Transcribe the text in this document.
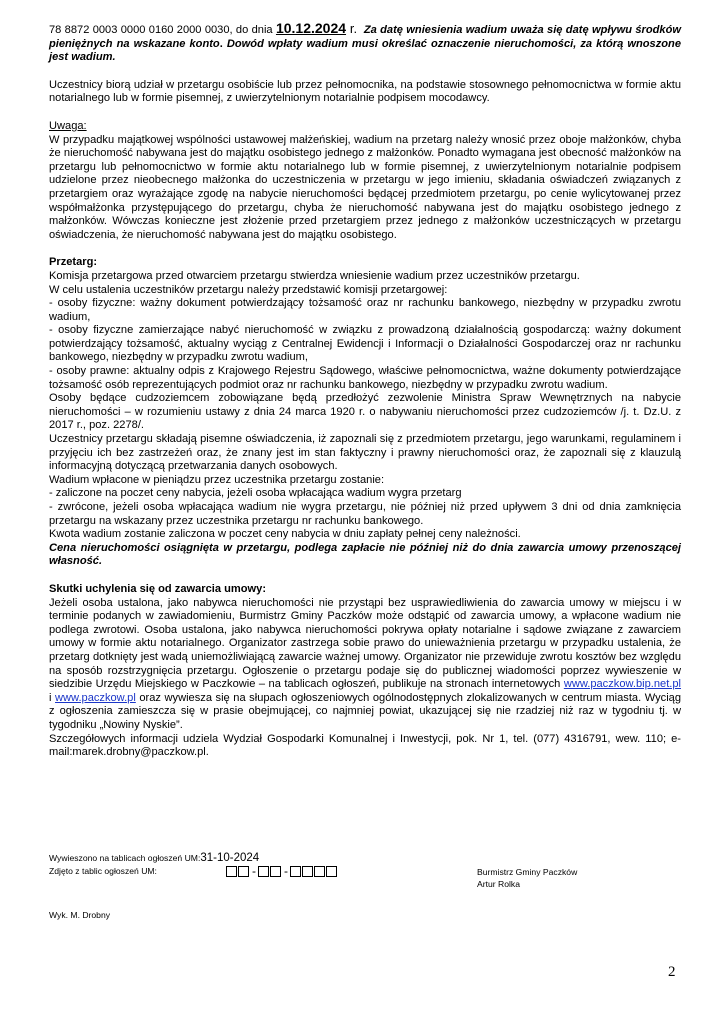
78 8872 0003 0000 0160 2000 0030, do dnia 10.12.2024 r. Za datę wniesienia wadium uważa się datę wpływu środków pieniężnych na wskazane konto. Dowód wpłaty wadium musi określać oznaczenie nieruchomości, za którą wnoszone jest wadium.

Uczestnicy biorą udział w przetargu osobiście lub przez pełnomocnika, na podstawie stosownego pełnomocnictwa w formie aktu notarialnego lub w formie pisemnej, z uwierzytelnionym notarialnie podpisem mocodawcy.

Uwaga:

W przypadku majątkowej wspólności ustawowej małżeńskiej, wadium na przetarg należy wnosić przez oboje małżonków, chyba że nieruchomość nabywana jest do majątku osobistego jednego z małżonków. Ponadto wymagana jest obecność małżonków na przetargu lub pełnomocnictwo w formie aktu notarialnego lub w formie pisemnej, z uwierzytelnionym notarialnie podpisem udzielone przez nieobecnego małżonka do uczestniczenia w przetargu w jego imieniu, składania oświadczeń związanych z przetargiem oraz wyrażające zgodę na nabycie nieruchomości będącej przedmiotem przetargu, po cenie wylicytowanej przez współmałżonka przystępującego do przetargu, chyba że nieruchomość nabywana jest do majątku osobistego jednego z małżonków. Wówczas konieczne jest złożenie przed przetargiem przez jednego z małżonków uczestniczących w przetargu oświadczenia, że nieruchomość nabywana jest do majątku osobistego.

Przetarg:

Komisja przetargowa przed otwarciem przetargu stwierdza wniesienie wadium przez uczestników przetargu.

W celu ustalenia uczestników przetargu należy przedstawić komisji przetargowej:

- osoby fizyczne: ważny dokument potwierdzający tożsamość oraz nr rachunku bankowego, niezbędny w przypadku zwrotu wadium,

- osoby fizyczne zamierzające nabyć nieruchomość w związku z prowadzoną działalnością gospodarczą: ważny dokument potwierdzający tożsamość, aktualny wyciąg z Centralnej Ewidencji i Informacji o Działalności Gospodarczej oraz nr rachunku bankowego, niezbędny w przypadku zwrotu wadium,

- osoby prawne: aktualny odpis z Krajowego Rejestru Sądowego, właściwe pełnomocnictwa, ważne dokumenty potwierdzające tożsamość osób reprezentujących podmiot oraz nr rachunku bankowego, niezbędny w przypadku zwrotu wadium.

Osoby będące cudzoziemcem zobowiązane będą przedłożyć zezwolenie Ministra Spraw Wewnętrznych na nabycie nieruchomości – w rozumieniu ustawy z dnia 24 marca 1920 r. o nabywaniu nieruchomości przez cudzoziemców /j. t. Dz.U. z 2017 r., poz. 2278/.

Uczestnicy przetargu składają pisemne oświadczenia, iż zapoznali się z przedmiotem przetargu, jego warunkami, regulaminem i przyjęciu ich bez zastrzeżeń oraz, że znany jest im stan faktyczny i prawny nieruchomości oraz, że zapoznali się z klauzulą informacyjną dotyczącą przetwarzania danych osobowych.

Wadium wpłacone w pieniądzu przez uczestnika przetargu zostanie:

- zaliczone na poczet ceny nabycia, jeżeli osoba wpłacająca wadium wygra przetarg

- zwrócone, jeżeli osoba wpłacająca wadium nie wygra przetargu, nie później niż przed upływem 3 dni od dnia zamknięcia przetargu na wskazany przez uczestnika przetargu nr rachunku bankowego.

Kwota wadium zostanie zaliczona w poczet ceny nabycia w dniu zapłaty pełnej ceny należności.

Cena nieruchomości osiągnięta w przetargu, podlega zapłacie nie później niż do dnia zawarcia umowy przenoszącej własność.

Skutki uchylenia się od zawarcia umowy:

Jeżeli osoba ustalona, jako nabywca nieruchomości nie przystąpi bez usprawiedliwienia do zawarcia umowy w miejscu i w terminie podanych w zawiadomieniu, Burmistrz Gminy Paczków może odstąpić od zawarcia umowy, a wpłacone wadium nie podlega zwrotowi. Osoba ustalona, jako nabywca nieruchomości pokrywa opłaty notarialne i sądowe związane z zawarciem umowy w formie aktu notarialnego. Organizator zastrzega sobie prawo do unieważnienia przetargu w przypadku ustalenia, że przetarg dotknięty jest wadą uniemożliwiającą zawarcie ważnej umowy. Organizator nie przewiduje zwrotu kosztów bez względu na sposób rozstrzygnięcia przetargu. Ogłoszenie o przetargu podaje się do publicznej wiadomości poprzez wywieszenie w siedzibie Urzędu Miejskiego w Paczkowie – na tablicach ogłoszeń, publikuje na stronach internetowych www.paczkow.bip.net.pl i www.paczkow.pl oraz wywiesza się na słupach ogłoszeniowych ogólnodostępnych zlokalizowanych w centrum miasta. Wyciąg z ogłoszenia zamieszcza się w prasie obejmującej, co najmniej powiat, ukazującej się nie rzadziej niż raz w tygodniu tj. w tygodniku „Nowiny Nyskie”.

Szczegółowych informacji udziela Wydział Gospodarki Komunalnej i Inwestycji, pok. Nr 1, tel. (077) 4316791, wew. 110; e-mail:marek.drobny@paczkow.pl.

Wywieszono na tablicach ogłoszeń UM:31-10-2024
Zdjęto z tablic ogłoszeń UM:	- -	Burmistrz Gminy Paczków
Artur Rolka
Wyk. M. Drobny
2
